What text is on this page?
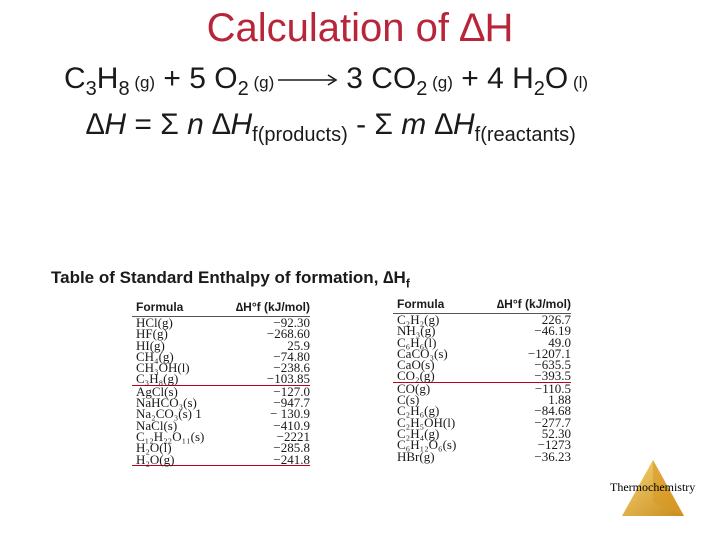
Calculation of ∆H
$C_3H_8$ (g) + 5 $O_2$ (g) → 3 $CO_2$ (g) + 4 $H_2O$ (l)
∆H = Σ n $\Delta H_{f(products)}$ - Σ m $\Delta H_{f(reactants)}$
Table of Standard Enthalpy of formation, $\Delta H_f$
Formula	∆H°f (kJ/mol)
HCl(g)	−92.30
HF(g)	−268.60
HI(g)	25.9
CH₄(g)	−74.80
CH₃OH(l)	−238.6
C₃H₈(g)	−103.85
AgCl(s)	−127.0
NaHCO₃(s)	−947.7
Na₂CO₃(s) 1	− 130.9
NaCl(s)	−410.9
C₁₂H₂₂O₁₁(s)	−2221
H₂O(l)	−285.8
H₂O(g)	−241.8
Formula	∆H°f (kJ/mol)
C₂H₂(g)	226.7
NH₃(g)	−46.19
C₆H₆(l)	49.0
CaCO₃(s)	−1207.1
CaO(s)	−635.5
CO₂(g)	−393.5
CO(g)	−110.5
C(s)	1.88
C₂H₆(g)	−84.68
C₂H₅OH(l)	−277.7
C₂H₄(g)	52.30
C₆H₁₂O₆(s)	−1273
HBr(g)	−36.23
Thermochemistry
